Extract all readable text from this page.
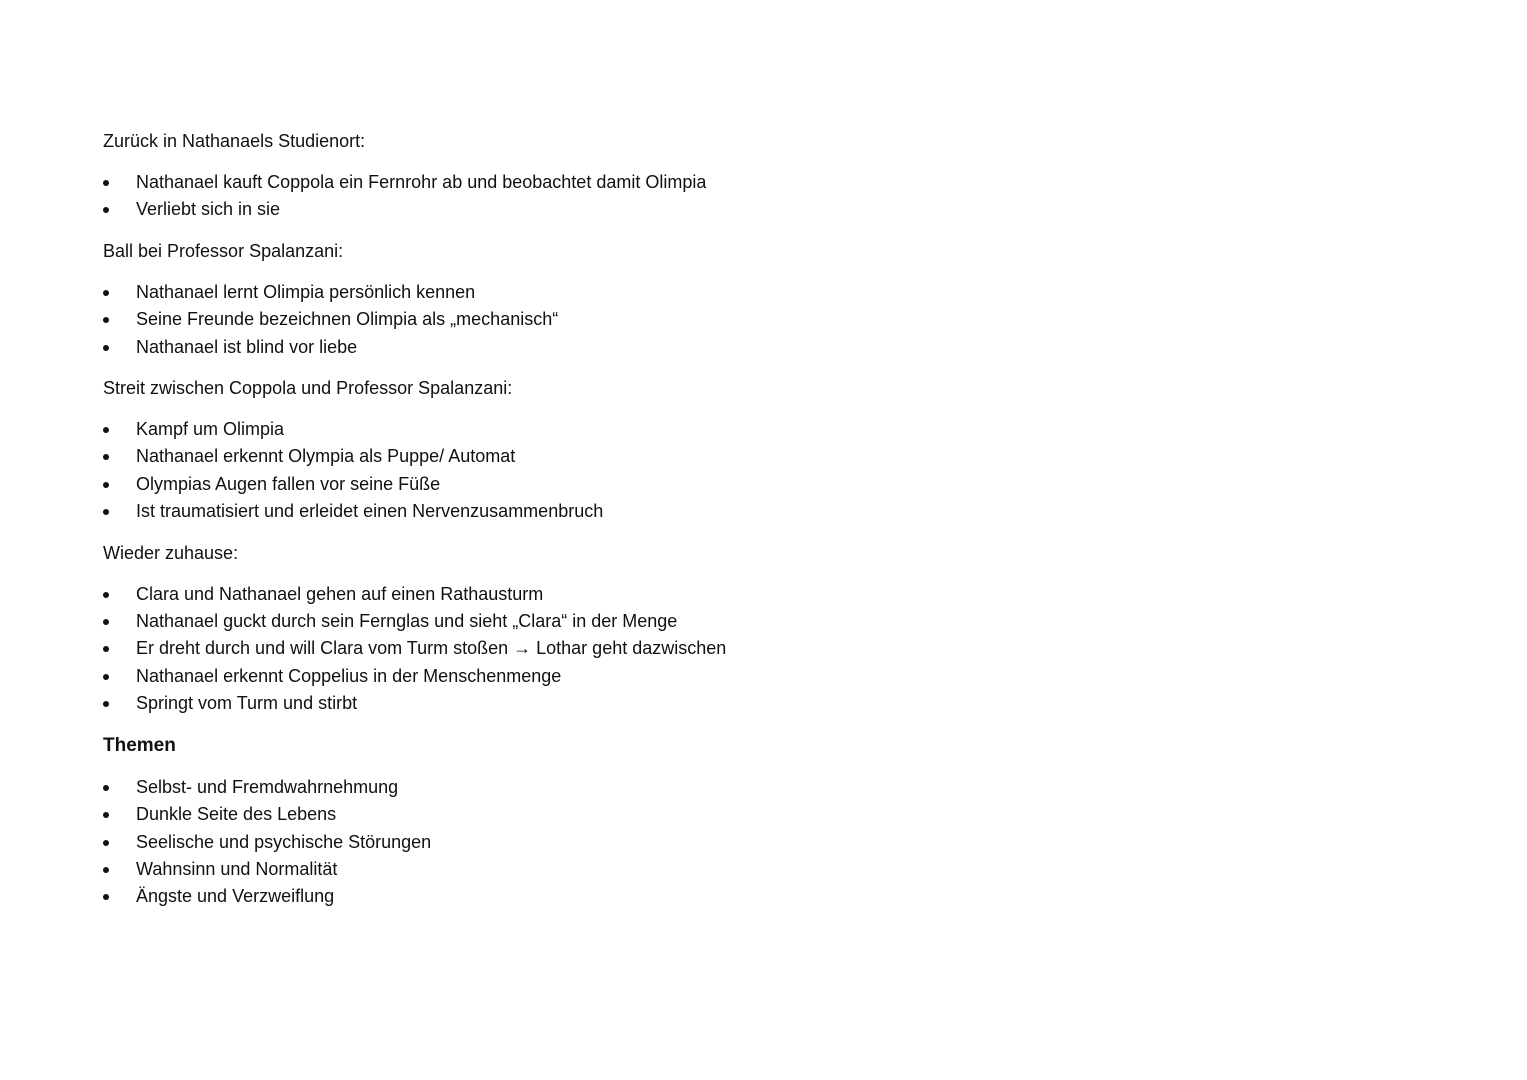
Zurück in Nathanaels Studienort:

Nathanael kauft Coppola ein Fernrohr ab und beobachtet damit Olimpia
Verliebt sich in sie

Ball bei Professor Spalanzani:

Nathanael lernt Olimpia persönlich kennen
Seine Freunde bezeichnen Olimpia als „mechanisch“
Nathanael ist blind vor liebe

Streit zwischen Coppola und Professor Spalanzani:

Kampf um Olimpia
Nathanael erkennt Olympia als Puppe/ Automat
Olympias Augen fallen vor seine Füße
Ist traumatisiert und erleidet einen Nervenzusammenbruch

Wieder zuhause:

Clara und Nathanael gehen auf einen Rathausturm
Nathanael guckt durch sein Fernglas und sieht „Clara“ in der Menge
Er dreht durch und will Clara vom Turm stoßen → Lothar geht dazwischen
Nathanael erkennt Coppelius in der Menschenmenge
Springt vom Turm und stirbt

Themen

Selbst- und Fremdwahrnehmung
Dunkle Seite des Lebens
Seelische und psychische Störungen
Wahnsinn und Normalität
Ängste und Verzweiflung
